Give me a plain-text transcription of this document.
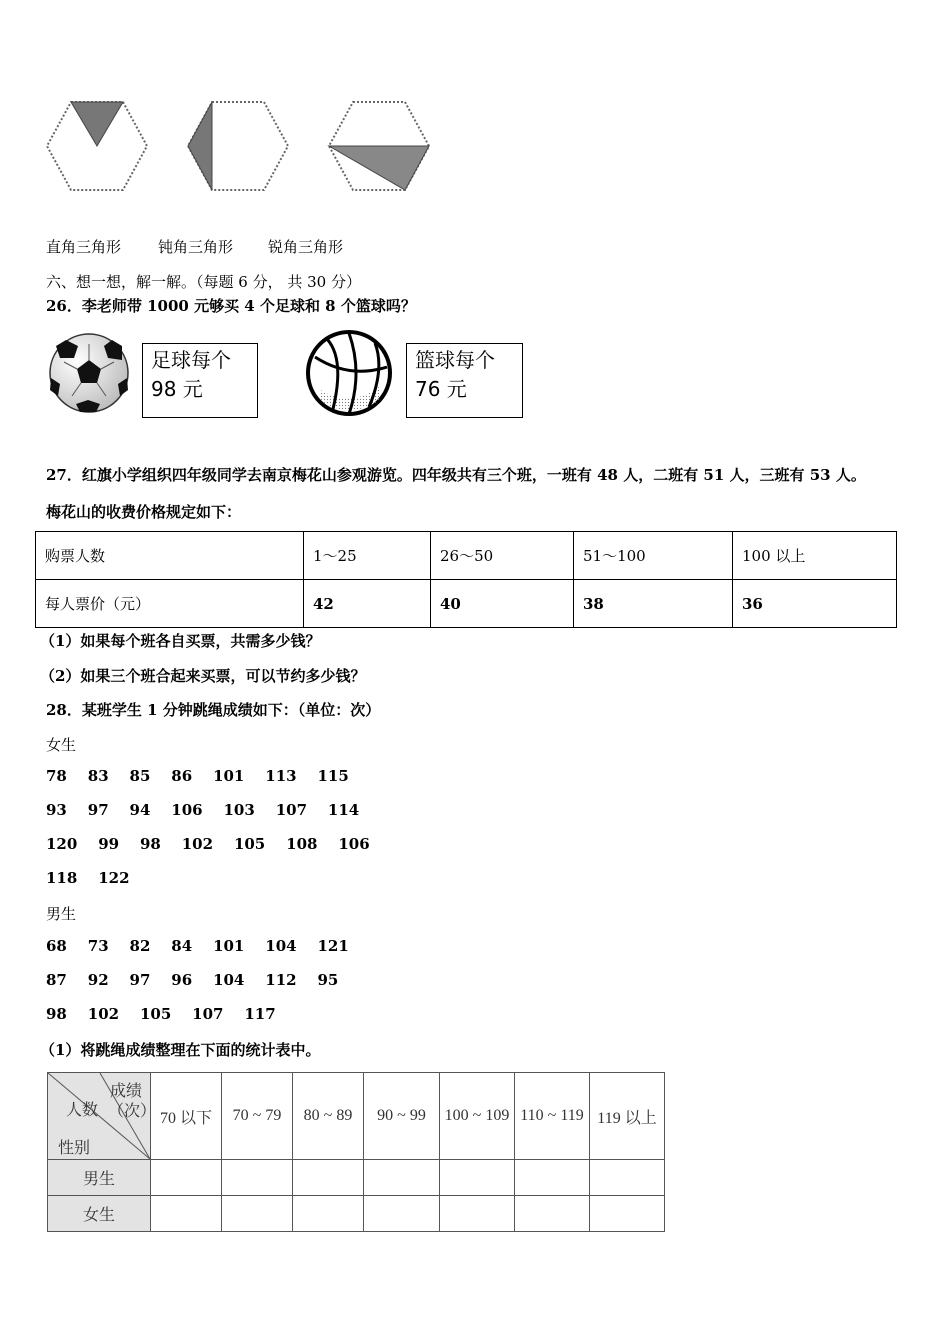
直角三角形 钝角三角形 锐角三角形
六、想一想，解一解。（每题 6 分， 共 30 分）
26．李老师带 1000 元够买 4 个足球和 8 个篮球吗？
足球每个
98 元
篮球每个
76 元
27．红旗小学组织四年级同学去南京梅花山参观游览。四年级共有三个班，一班有 48 人，二班有 51 人，三班有 53 人。
梅花山的收费价格规定如下：
购票人数	1～25	26～50	51～100	100 以上
每人票价（元）	42	40	38	36
（1）如果每个班各自买票，共需多少钱？
（2）如果三个班合起来买票，可以节约多少钱？
28．某班学生 1 分钟跳绳成绩如下：（单位：次）
女生
78 83 85 86 101 113 115
93 97 94 106 103 107 114
120 99 98 102 105 108 106
118 122
男生
68 73 82 84 101 104 121
87 92 97 96 104 112 95
98 102 105 107 117
（1）将跳绳成绩整理在下面的统计表中。
成绩
（次）
人数
性别	70 以下	70 ~ 79	80 ~ 89	90 ~ 99	100 ~ 109	110 ~ 119	119 以上
男生							
女生							
